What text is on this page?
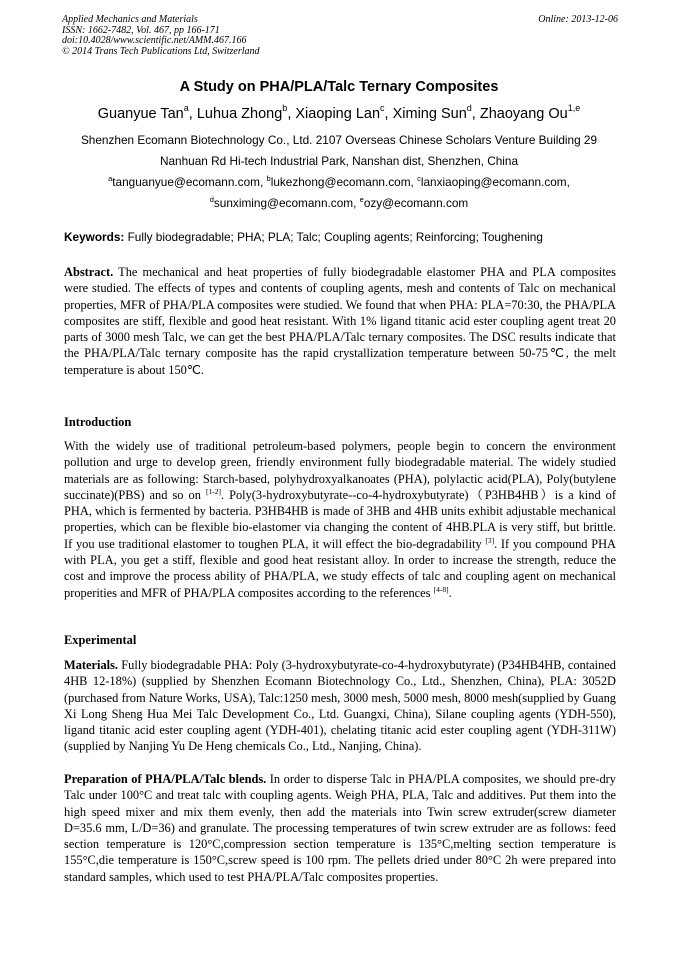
Applied Mechanics and Materials
ISSN: 1662-7482, Vol. 467, pp 166-171
doi:10.4028/www.scientific.net/AMM.467.166
© 2014 Trans Tech Publications Ltd, Switzerland
Online: 2013-12-06
A Study on PHA/PLA/Talc Ternary Composites
Guanyue Tan$^a$, Luhua Zhong$^b$, Xiaoping Lan$^c$, Ximing Sun$^d$, Zhaoyang Ou$^{1,e}$
Shenzhen Ecomann Biotechnology Co., Ltd. 2107 Overseas Chinese Scholars Venture Building 29
Nanhuan Rd Hi-tech Industrial Park, Nanshan dist, Shenzhen, China
$^a$tanguanyue@ecomann.com, $^b$lukezhong@ecomann.com, $^c$lanxiaoping@ecomann.com,
$^d$sunximing@ecomann.com, $^e$ozy@ecomann.com
Keywords: Fully biodegradable; PHA; PLA; Talc; Coupling agents; Reinforcing; Toughening
Abstract. The mechanical and heat properties of fully biodegradable elastomer PHA and PLA composites were studied. The effects of types and contents of coupling agents, mesh and contents of Talc on mechanical properties, MFR of PHA/PLA composites were studied. We found that when PHA: PLA=70:30, the PHA/PLA composites are stiff, flexible and good heat resistant. With 1% ligand titanic acid ester coupling agent treat 20 parts of 3000 mesh Talc, we can get the best PHA/PLA/Talc ternary composites. The DSC results indicate that the PHA/PLA/Talc ternary composite has the rapid crystallization temperature between 50-75℃, the melt temperature is about 150℃.
Introduction
With the widely use of traditional petroleum-based polymers, people begin to concern the environment pollution and urge to develop green, friendly environment fully biodegradable material. The widely studied materials are as following: Starch-based, polyhydroxyalkanoates (PHA), polylactic acid(PLA), Poly(butylene succinate)(PBS) and so on [1-2]. Poly(3-hydroxybutyrate--co-4-hydroxybutyrate)（P3HB4HB）is a kind of PHA, which is fermented by bacteria. P3HB4HB is made of 3HB and 4HB units exhibit adjustable mechanical properties, which can be flexible bio-elastomer via changing the content of 4HB.PLA is very stiff, but brittle. If you use traditional elastomer to toughen PLA, it will effect the bio-degradability [3]. If you compound PHA with PLA, you get a stiff, flexible and good heat resistant alloy. In order to increase the strength, reduce the cost and improve the process ability of PHA/PLA, we study effects of talc and coupling agent on mechanical properities and MFR of PHA/PLA composites according to the references [4-8].
Experimental
Materials. Fully biodegradable PHA: Poly (3-hydroxybutyrate-co-4-hydroxybutyrate) (P34HB4HB, contained 4HB 12-18%) (supplied by Shenzhen Ecomann Biotechnology Co., Ltd., Shenzhen, China), PLA: 3052D (purchased from Nature Works, USA), Talc:1250 mesh, 3000 mesh, 5000 mesh, 8000 mesh(supplied by Guang Xi Long Sheng Hua Mei Talc Development Co., Ltd. Guangxi, China), Silane coupling agents (YDH-550), ligand titanic acid ester coupling agent (YDH-401), chelating titanic acid ester coupling agent (YDH-311W)(supplied by Nanjing Yu De Heng chemicals Co., Ltd., Nanjing, China).
Preparation of PHA/PLA/Talc blends. In order to disperse Talc in PHA/PLA composites, we should pre-dry Talc under 100°C and treat talc with coupling agents. Weigh PHA, PLA, Talc and additives. Put them into the high speed mixer and mix them evenly, then add the materials into Twin screw extruder(screw diameter D=35.6 mm, L/D=36) and granulate. The processing temperatures of twin screw extruder are as follows: feed section temperature is 120°C,compression section temperature is 135°C,melting section temperature is 155°C,die temperature is 150°C,screw speed is 100 rpm. The pellets dried under 80°C 2h were prepared into standard samples, which used to test PHA/PLA/Talc composites properties.
